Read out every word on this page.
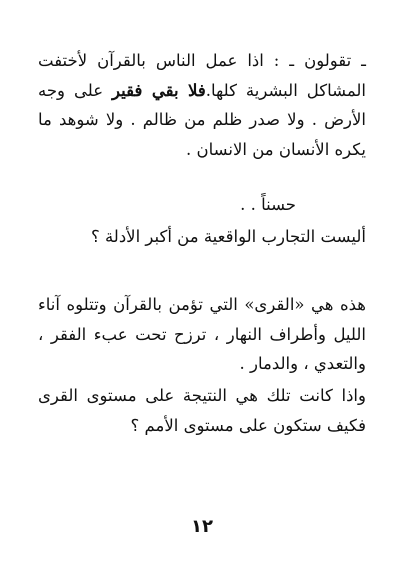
ـ تقولون ـ : اذا عمل الناس بالقرآن لأختفت المشاكل البشرية كلها.فلا بقي فقير على وجه الأرض . ولا صدر ظلم من ظالم . ولا شوهد ما يكره الأنسان من الانسان .

حسناً . .

أليست التجارب الواقعية من أكبر الأدلة ؟

هذه هي «القرى» التي تؤمن بالقرآن وتتلوه آناء الليل وأطراف النهار ، ترزح تحت عبء الفقر ، والتعدي ، والدمار .

واذا كانت تلك هي النتيجة على مستوى القرى فكيف ستكون على مستوى الأمم ؟

١٢
